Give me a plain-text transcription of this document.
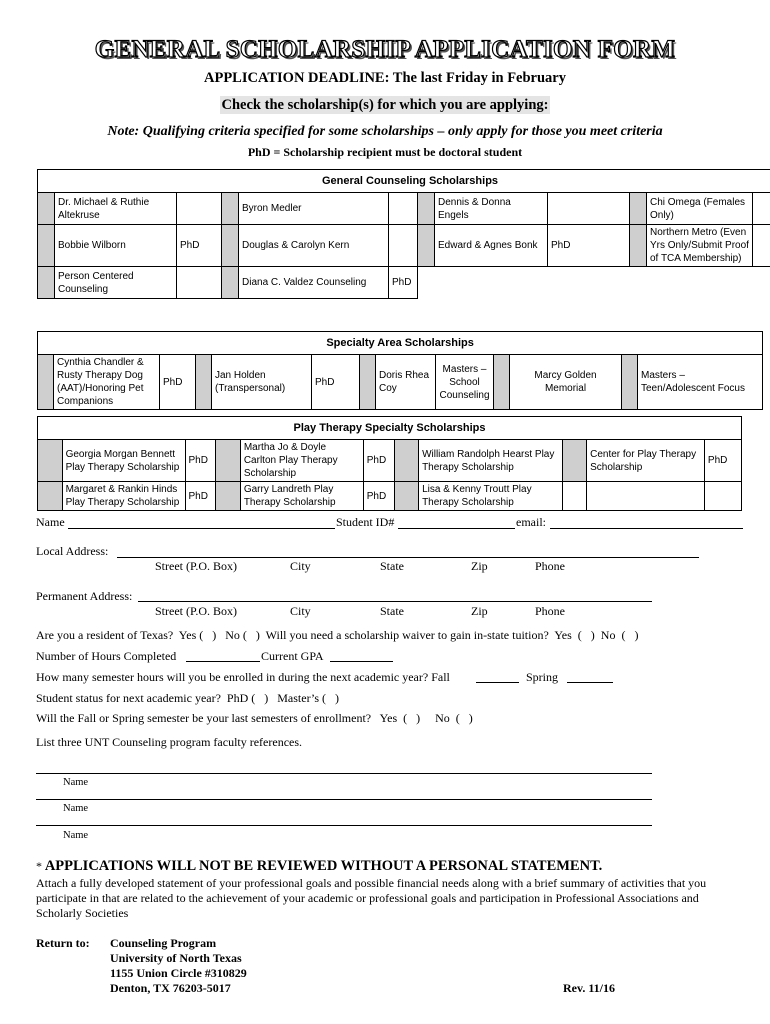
GENERAL SCHOLARSHIP APPLICATION FORM
APPLICATION DEADLINE: The last Friday in February
Check the scholarship(s) for which you are applying:
Note: Qualifying criteria specified for some scholarships – only apply for those you meet criteria
PhD = Scholarship recipient must be doctoral student
General Counseling Scholarships											
	Dr. Michael & Ruthie Altekruse			Byron Medler			Dennis & Donna Engels			Chi Omega (Females Only)	
	Bobbie Wilborn	PhD		Douglas & Carolyn Kern			Edward & Agnes Bonk	PhD		Northern Metro (Even Yrs Only/Submit Proof of TCA Membership)	
	Person Centered Counseling			Diana C. Valdez Counseling	PhD						
Specialty Area Scholarships
	Cynthia Chandler & Rusty Therapy Dog (AAT)/Honoring Pet Companions	PhD		Jan Holden (Transpersonal)	PhD		Doris Rhea Coy	Masters – School Counseling		Marcy Golden Memorial		Masters – Teen/Adolescent Focus
Play Therapy Specialty Scholarships										
	Georgia Morgan Bennett Play Therapy Scholarship	PhD		Martha Jo & Doyle Carlton Play Therapy Scholarship	PhD		William Randolph Hearst Play Therapy Scholarship		Center for Play Therapy Scholarship	PhD
	Margaret & Rankin Hinds Play Therapy Scholarship	PhD		Garry Landreth Play Therapy Scholarship	PhD		Lisa & Kenny Troutt Play Therapy Scholarship			
Name	Student ID#	email:
Local Address:
Street (P.O. Box)	City	State	Zip	Phone
Permanent Address:
Street (P.O. Box)	City	State	Zip	Phone
Are you a resident of Texas?  Yes (   )   No (   )  Will you need a scholarship waiver to gain in-state tuition?  Yes  (   )  No  (   )
Number of Hours Completed	Current GPA
How many semester hours will you be enrolled in during the next academic year? Fall	Spring
Student status for next academic year?  PhD (   )   Master’s (   )
Will the Fall or Spring semester be your last semesters of enrollment?   Yes  (   )     No  (   )
List three UNT Counseling program faculty references.
Name
Name
Name
* APPLICATIONS WILL NOT BE REVIEWED WITHOUT A PERSONAL STATEMENT.
Attach a fully developed statement of your professional goals and possible financial needs along with a brief summary of activities that you participate in that are related to the achievement of your academic or professional goals and participation in Professional Associations and Scholarly Societies
Return to: Counseling Program
University of North Texas
1155 Union Circle #310829
Denton, TX 76203-5017	Rev. 11/16
